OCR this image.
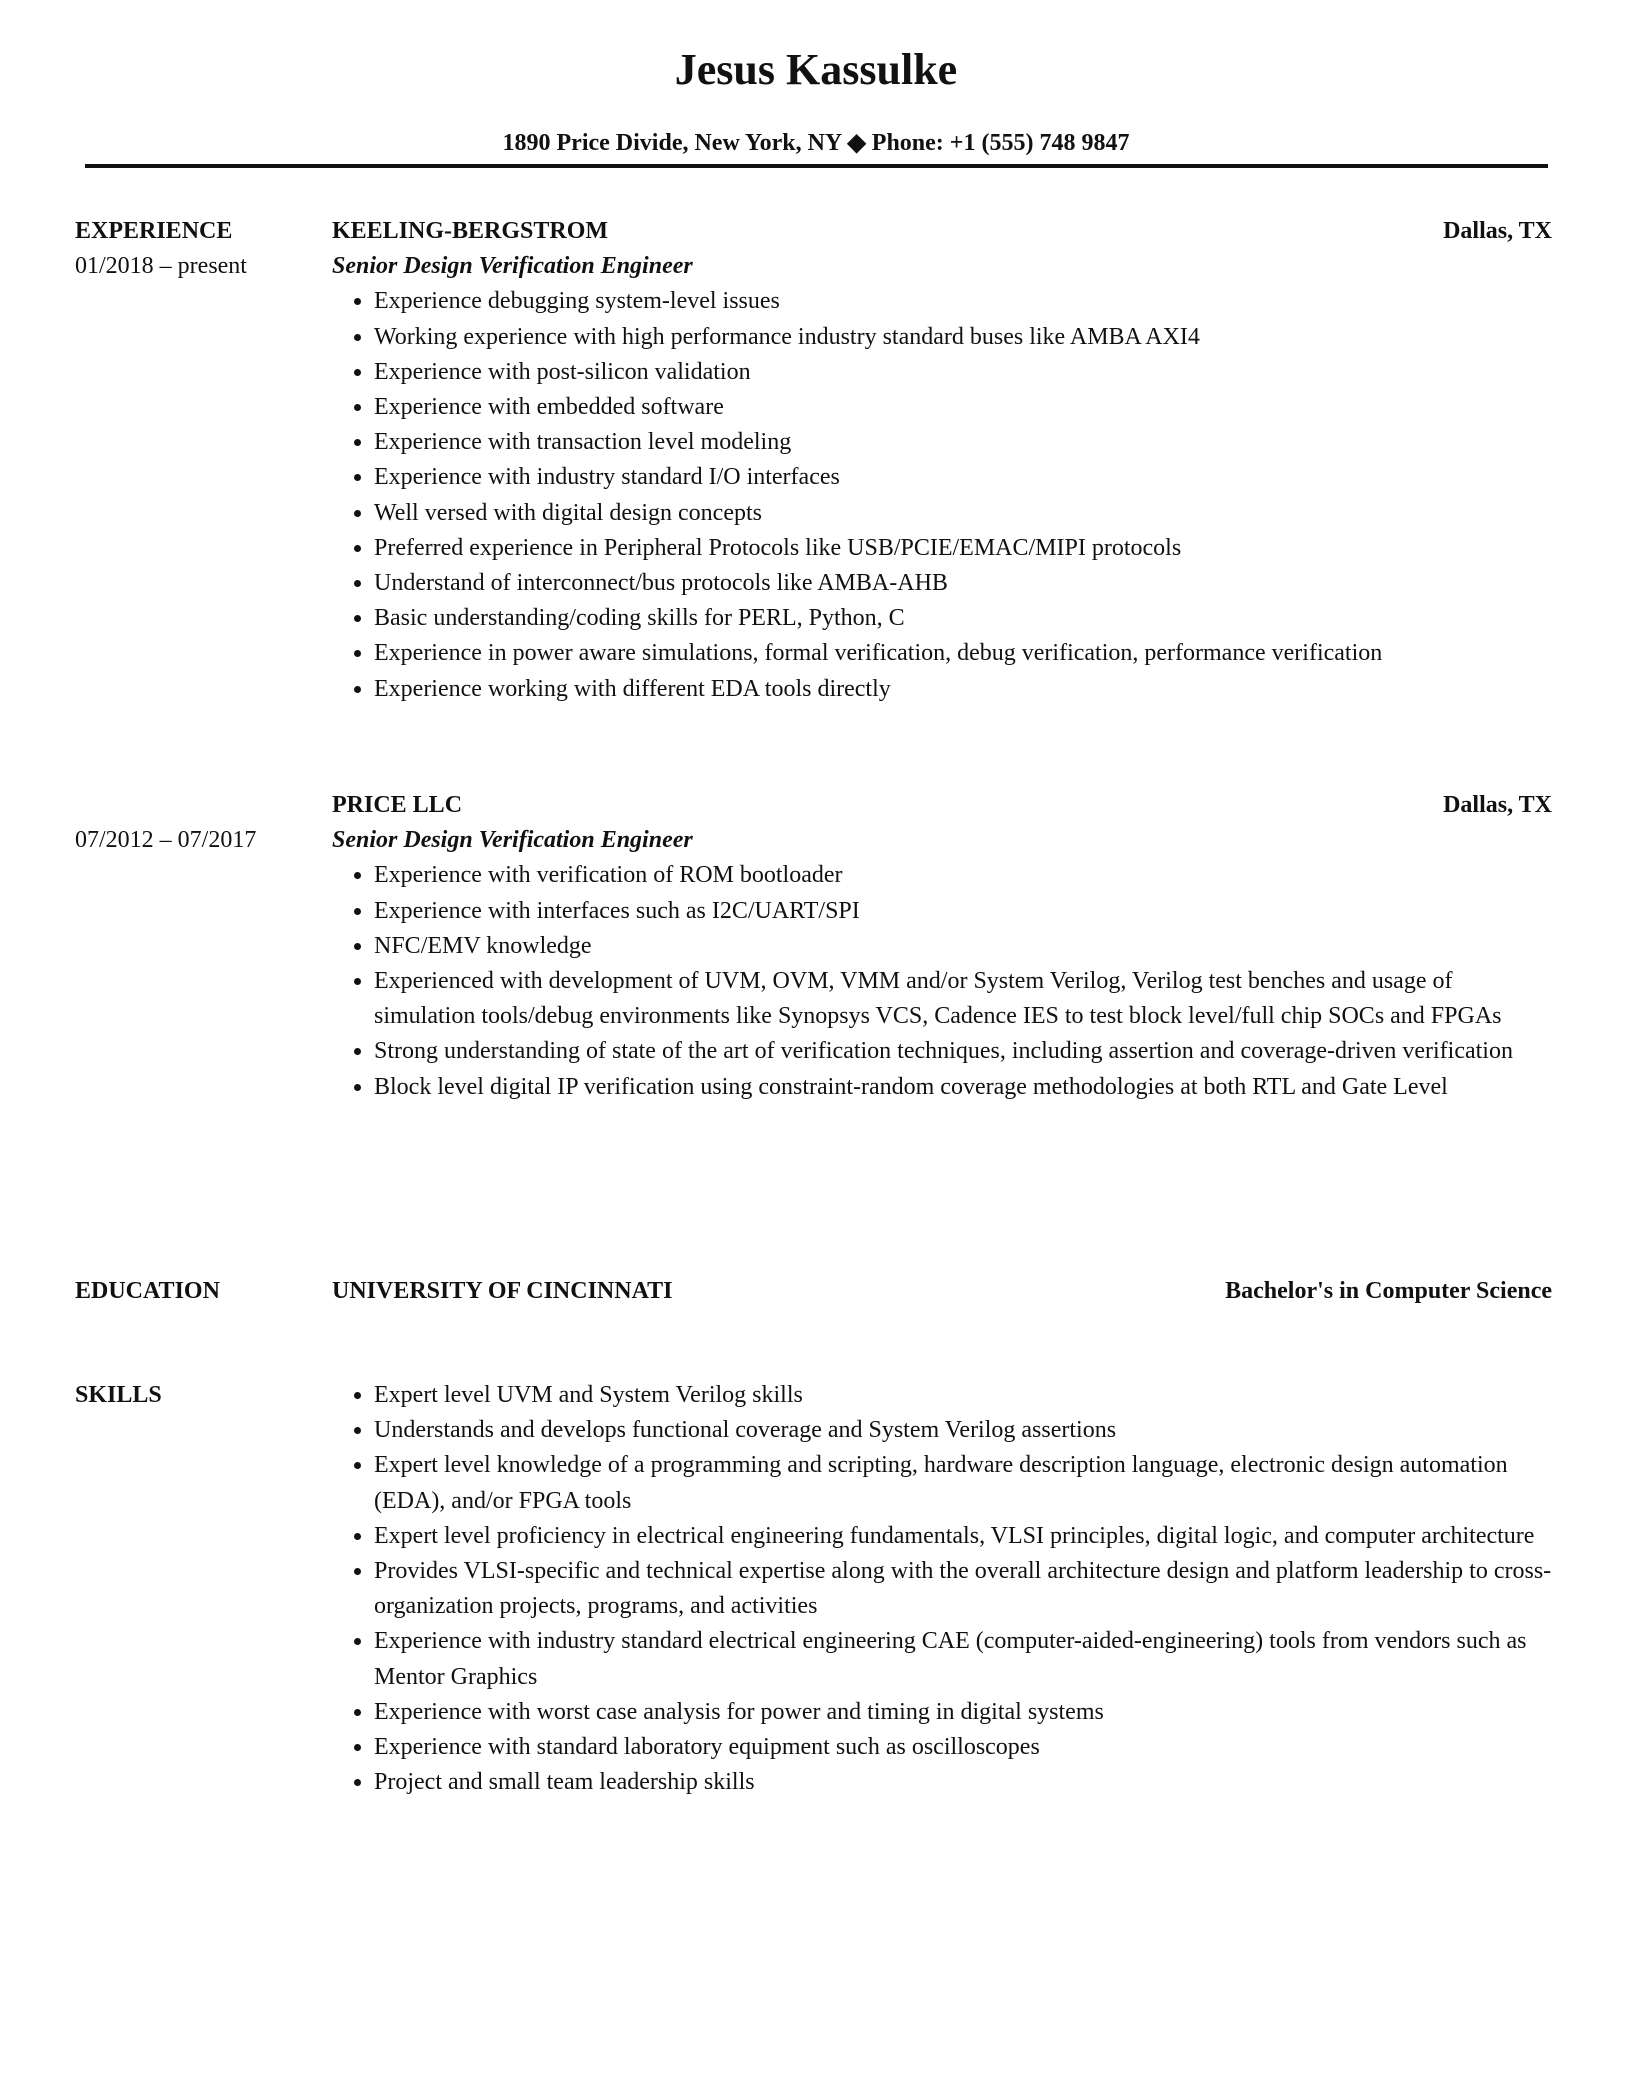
Jesus Kassulke
1890 Price Divide, New York, NY ◆ Phone: +1 (555) 748 9847
EXPERIENCE
01/2018 – present
KEELING-BERGSTROM	Dallas, TX
Senior Design Verification Engineer
• Experience debugging system-level issues
• Working experience with high performance industry standard buses like AMBA AXI4
• Experience with post-silicon validation
• Experience with embedded software
• Experience with transaction level modeling
• Experience with industry standard I/O interfaces
• Well versed with digital design concepts
• Preferred experience in Peripheral Protocols like USB/PCIE/EMAC/MIPI protocols
• Understand of interconnect/bus protocols like AMBA-AHB
• Basic understanding/coding skills for PERL, Python, C
• Experience in power aware simulations, formal verification, debug verification, performance verification
• Experience working with different EDA tools directly
07/2012 – 07/2017
PRICE LLC	Dallas, TX
Senior Design Verification Engineer
• Experience with verification of ROM bootloader
• Experience with interfaces such as I2C/UART/SPI
• NFC/EMV knowledge
• Experienced with development of UVM, OVM, VMM and/or System Verilog, Verilog test benches and usage of simulation tools/debug environments like Synopsys VCS, Cadence IES to test block level/full chip SOCs and FPGAs
• Strong understanding of state of the art of verification techniques, including assertion and coverage-driven verification
• Block level digital IP verification using constraint-random coverage methodologies at both RTL and Gate Level
EDUCATION	UNIVERSITY OF CINCINNATI	Bachelor's in Computer Science
SKILLS	• Expert level UVM and System Verilog skills
• Understands and develops functional coverage and System Verilog assertions
• Expert level knowledge of a programming and scripting, hardware description language, electronic design automation (EDA), and/or FPGA tools
• Expert level proficiency in electrical engineering fundamentals, VLSI principles, digital logic, and computer architecture
• Provides VLSI-specific and technical expertise along with the overall architecture design and platform leadership to cross-organization projects, programs, and activities
• Experience with industry standard electrical engineering CAE (computer-aided-engineering) tools from vendors such as Mentor Graphics
• Experience with worst case analysis for power and timing in digital systems
• Experience with standard laboratory equipment such as oscilloscopes
• Project and small team leadership skills
